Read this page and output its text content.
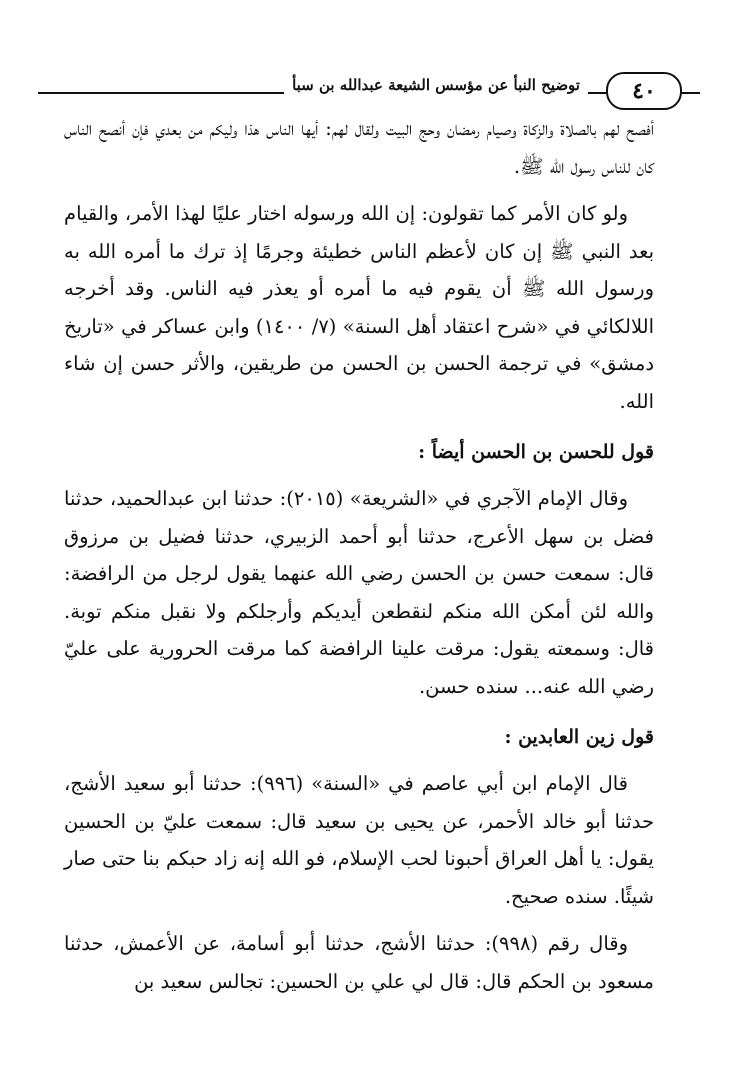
٤٠
توضيح النبأ عن مؤسس الشيعة عبدالله بن سبأ

أفصح لهم بالصلاة والزكاة وصيام رمضان وحج البيت ولقال لهم: أيها الناس هذا وليكم من بعدي فإن أنصح الناس كان للناس رسول الله ﷺ.

ولو كان الأمر كما تقولون: إن الله ورسوله اختار عليًا لهذا الأمر، والقيام بعد النبي ﷺ إن كان لأعظم الناس خطيئة وجرمًا إذ ترك ما أمره الله به ورسول الله ﷺ أن يقوم فيه ما أمره أو يعذر فيه الناس. وقد أخرجه اللالكائي في «شرح اعتقاد أهل السنة» (٧/ ١٤٠٠) وابن عساكر في «تاريخ دمشق» في ترجمة الحسن بن الحسن من طريقين، والأثر حسن إن شاء الله.

قول للحسن بن الحسن أيضاً :

وقال الإمام الآجري في «الشريعة» (٢٠١٥): حدثنا ابن عبدالحميد، حدثنا فضل بن سهل الأعرج، حدثنا أبو أحمد الزبيري، حدثنا فضيل بن مرزوق قال: سمعت حسن بن الحسن رضي الله عنهما يقول لرجل من الرافضة: والله لئن أمكن الله منكم لنقطعن أيديكم وأرجلكم ولا نقبل منكم توبة. قال: وسمعته يقول: مرقت علينا الرافضة كما مرقت الحرورية على عليّ رضي الله عنه... سنده حسن.

قول زين العابدين :

قال الإمام ابن أبي عاصم في «السنة» (٩٩٦): حدثنا أبو سعيد الأشج، حدثنا أبو خالد الأحمر، عن يحيى بن سعيد قال: سمعت عليّ بن الحسين يقول: يا أهل العراق أحبونا لحب الإسلام، فو الله إنه زاد حبكم بنا حتى صار شيئًا. سنده صحيح.

وقال رقم (٩٩٨): حدثنا الأشج، حدثنا أبو أسامة، عن الأعمش، حدثنا مسعود بن الحكم قال: قال لي علي بن الحسين: تجالس سعيد بن
